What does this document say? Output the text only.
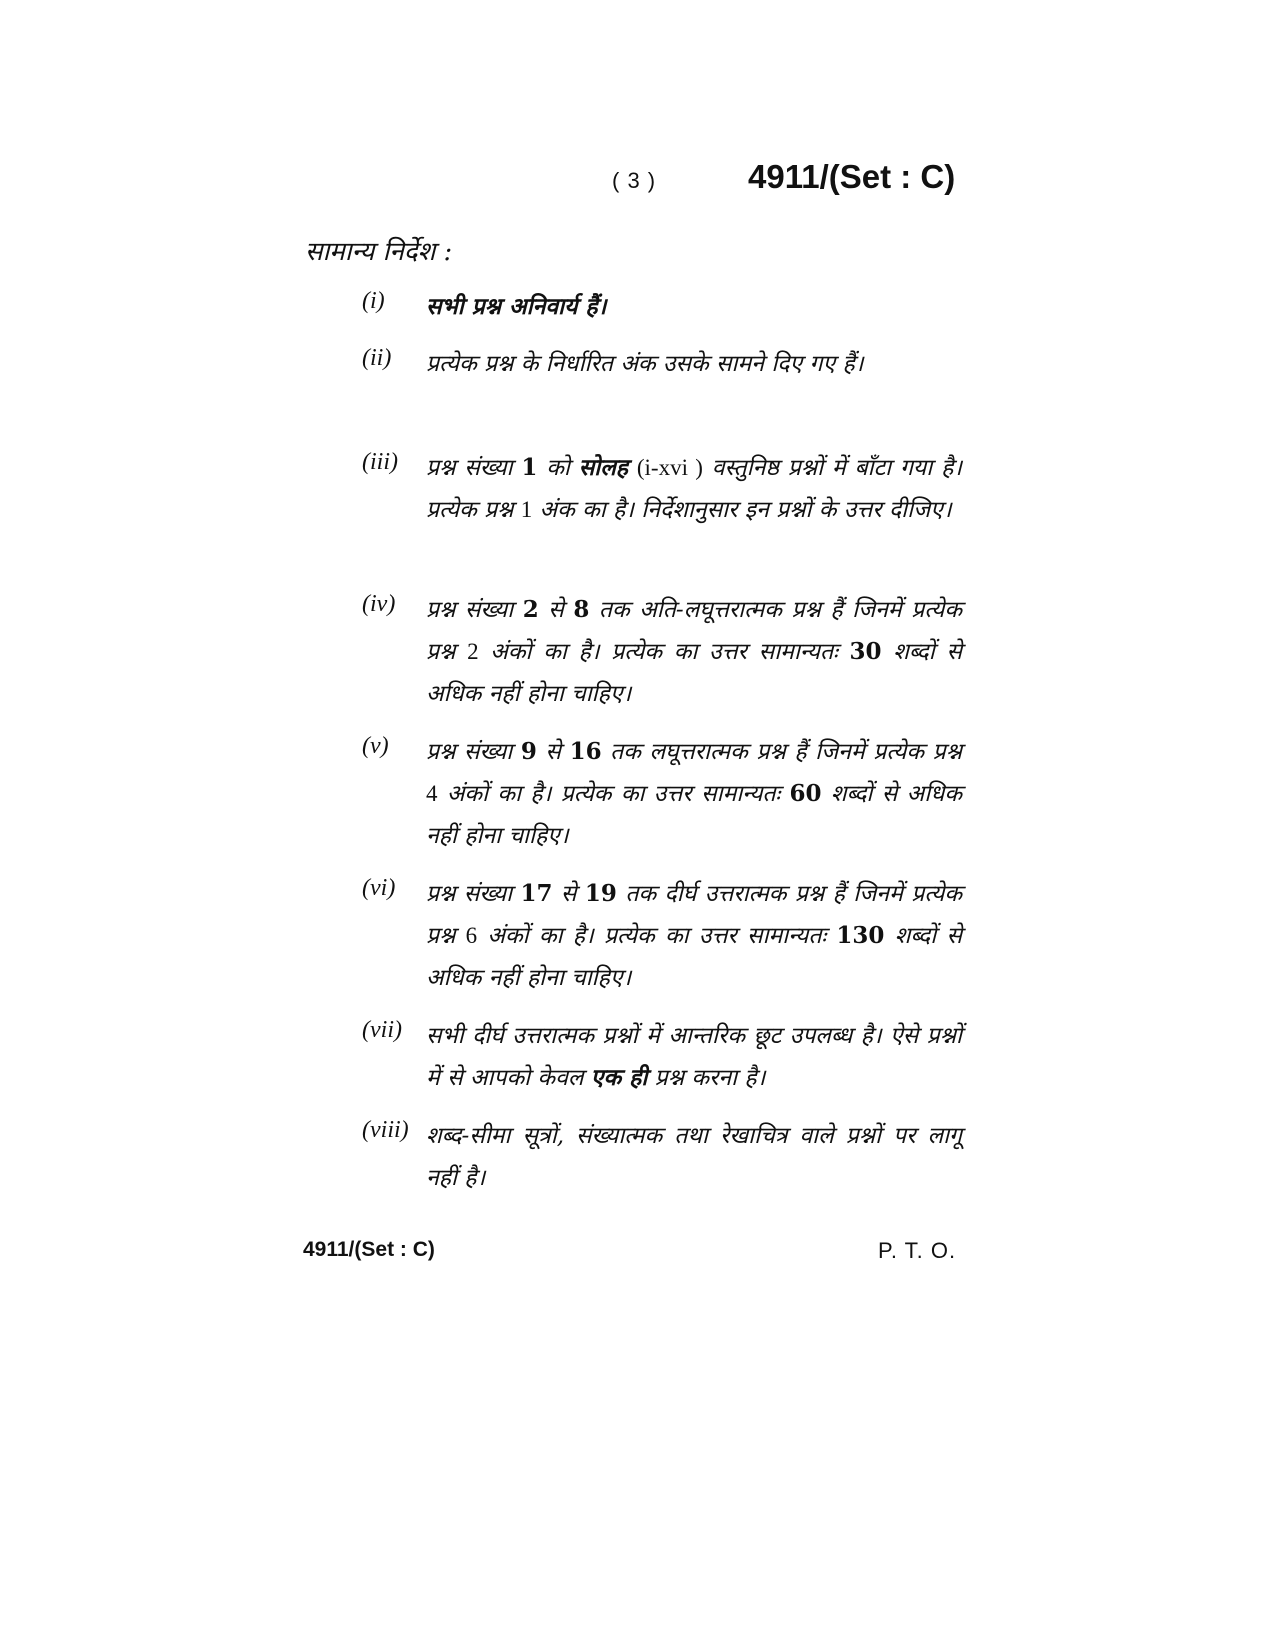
( 3 )	4911/(Set : C)
सामान्य निर्देश :
(i)	सभी प्रश्न अनिवार्य हैं।
(ii)	प्रत्येक प्रश्न के निर्धारित अंक उसके सामने दिए गए हैं।
(iii)	प्रश्न संख्या 1 को सोलह (i-xvi ) वस्तुनिष्ठ प्रश्नों में बाँटा गया है। प्रत्येक प्रश्न 1 अंक का है। निर्देशानुसार इन प्रश्नों के उत्तर दीजिए।
(iv)	प्रश्न संख्या 2 से 8 तक अति-लघूत्तरात्मक प्रश्न हैं जिनमें प्रत्येक प्रश्न 2 अंकों का है। प्रत्येक का उत्तर सामान्यतः 30 शब्दों से अधिक नहीं होना चाहिए।
(v)	प्रश्न संख्या 9 से 16 तक लघूत्तरात्मक प्रश्न हैं जिनमें प्रत्येक प्रश्न 4 अंकों का है। प्रत्येक का उत्तर सामान्यतः 60 शब्दों से अधिक नहीं होना चाहिए।
(vi)	प्रश्न संख्या 17 से 19 तक दीर्घ उत्तरात्मक प्रश्न हैं जिनमें प्रत्येक प्रश्न 6 अंकों का है। प्रत्येक का उत्तर सामान्यतः 130 शब्दों से अधिक नहीं होना चाहिए।
(vii)	सभी दीर्घ उत्तरात्मक प्रश्नों में आन्तरिक छूट उपलब्ध है। ऐसे प्रश्नों में से आपको केवल एक ही प्रश्न करना है।
(viii) शब्द-सीमा सूत्रों, संख्यात्मक तथा रेखाचित्र वाले प्रश्नों पर लागू नहीं है।
4911/(Set : C)	P. T. O.
